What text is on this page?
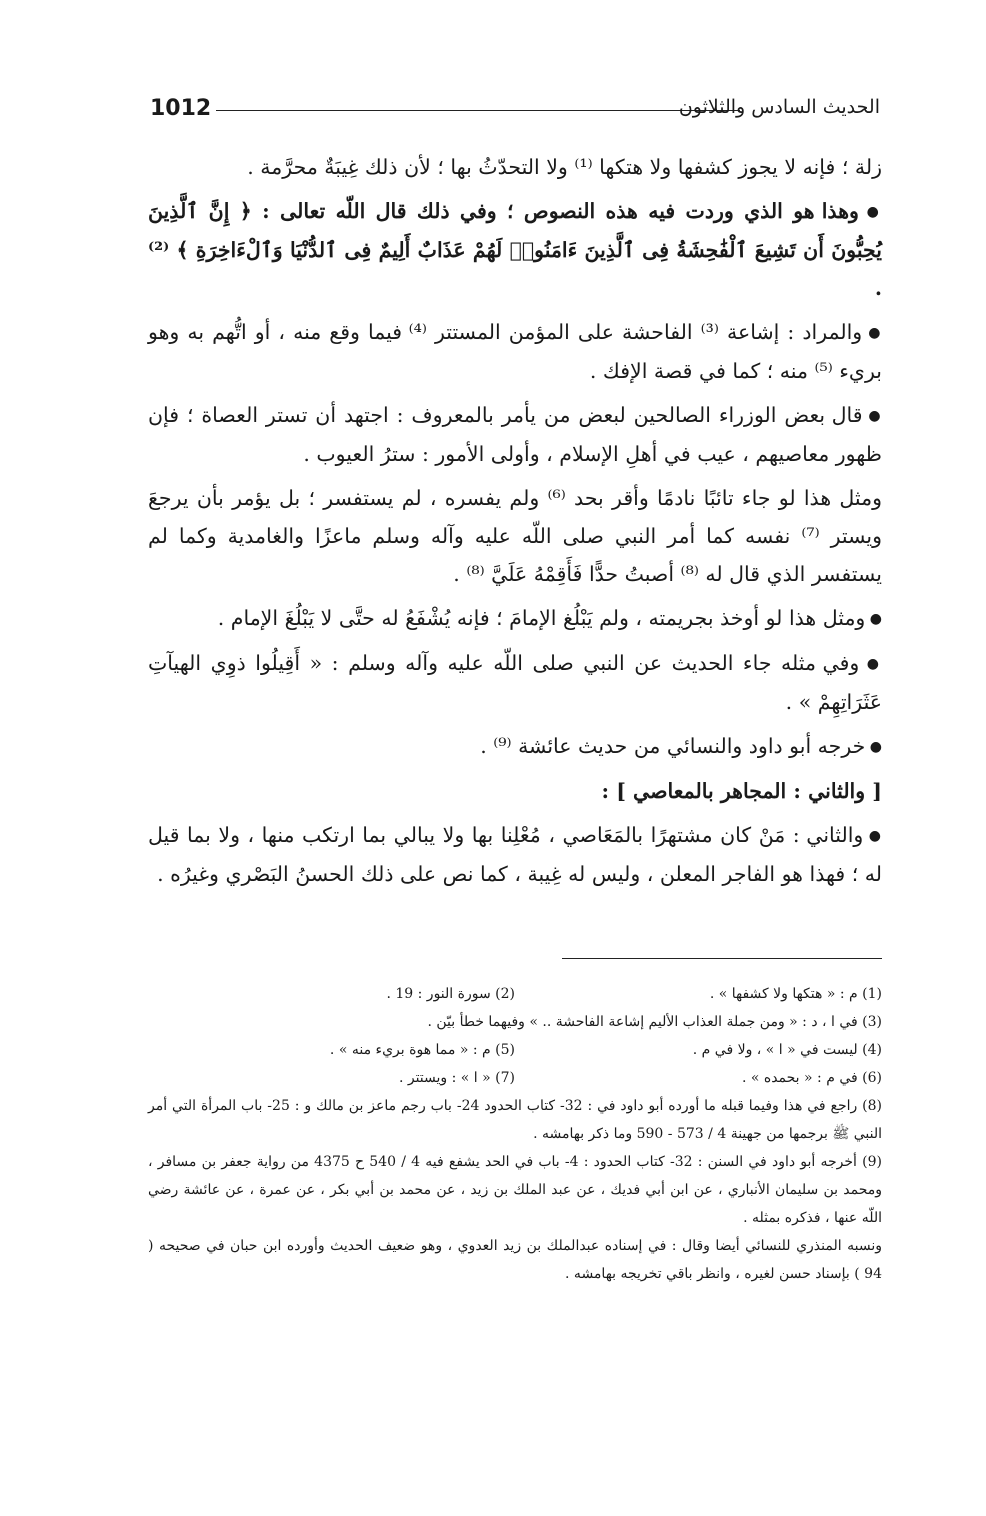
1012	الحديث السادس والثلاثون

زلة ؛ فإنه لا يجوز كشفها ولا هتكها ⁽¹⁾ ولا التحدّثُ بها ؛ لأن ذلك غِيبَةٌ محرَّمة .

● وهذا هو الذي وردت فيه هذه النصوص ؛ وفي ذلك قال اللّه تعالى : ﴿ إِنَّ ٱلَّذِينَ يُحِبُّونَ أَن تَشِيعَ ٱلْفَٰحِشَةُ فِى ٱلَّذِينَ ءَامَنُوا۟ لَهُمْ عَذَابٌ أَلِيمٌ فِى ٱلدُّنْيَا وَٱلْءَاخِرَةِ ﴾ ⁽²⁾ .

● والمراد : إشاعة ⁽³⁾ الفاحشة على المؤمن المستتر ⁽⁴⁾ فيما وقع منه ، أو اتُّهم به وهو بريء ⁽⁵⁾ منه ؛ كما في قصة الإفك .

● قال بعض الوزراء الصالحين لبعض من يأمر بالمعروف : اجتهد أن تستر العصاة ؛ فإن ظهور معاصيهم ، عيب في أهلِ الإسلام ، وأولى الأمور : سترُ العيوب .

ومثل هذا لو جاء تائبًا نادمًا وأقر بحد ⁽⁶⁾ ولم يفسره ، لم يستفسر ؛ بل يؤمر بأن يرجعَ ويستر ⁽⁷⁾ نفسه كما أمر النبي صلى اللّه عليه وآله وسلم ماعزًا والغامدية وكما لم يستفسر الذي قال له ⁽⁸⁾ أصبتُ حدًّا فَأَقِمْهُ عَلَيَّ ⁽⁸⁾ .

● ومثل هذا لو أوخذ بجريمته ، ولم يَبْلُغ الإمامَ ؛ فإنه يُشْفَعُ له حتَّى لا يَبْلُغَ الإمام .

● وفي مثله جاء الحديث عن النبي صلى اللّه عليه وآله وسلم : « أَقِيلُوا ذوِي الهيآتِ عَثَرَاتِهِمْ » .

● خرجه أبو داود والنسائي من حديث عائشة ⁽⁹⁾ .

[ والثاني : المجاهر بالمعاصي ] :

● والثاني : مَنْ كان مشتهرًا بالمَعَاصي ، مُعْلِنا بها ولا يبالي بما ارتكب منها ، ولا بما قيل له ؛ فهذا هو الفاجر المعلن ، وليس له غِيبة ، كما نص على ذلك الحسنُ البَصْري وغيرُه .

(1) م : « هتكها ولا كشفها » .
(2) سورة النور : 19 .

(3) في ا ، د : « ومن جملة العذاب الأليم إشاعة الفاحشة .. » وفيهما خطأ بيّن .

(4) ليست في « ا » ، ولا في م .
(5) م : « مما هوة بريء منه » .
(6) في م : « بحمده » .
(7) « ا » : ويستتر .

(8) راجع في هذا وفيما قبله ما أورده أبو داود في : 32- كتاب الحدود 24- باب رجم ماعز بن مالك و : 25- باب المرأة التي أمر النبي ﷺ برجمها من جهينة 4 / 573 - 590 وما ذكر بهامشه .

(9) أخرجه أبو داود في السنن : 32- كتاب الحدود : 4- باب في الحد يشفع فيه 4 / 540 ح 4375 من رواية جعفر بن مسافر ، ومحمد بن سليمان الأنباري ، عن ابن أبي فديك ، عن عبد الملك بن زيد ، عن محمد بن أبي بكر ، عن عمرة ، عن عائشة رضي اللّه عنها ، فذكره بمثله .

ونسبه المنذري للنسائي أيضا وقال : في إسناده عبدالملك بن زيد العدوي ، وهو ضعيف الحديث وأورده ابن حبان في صحيحه ( 94 ) بإسناد حسن لغيره ، وانظر باقي تخريجه بهامشه .
